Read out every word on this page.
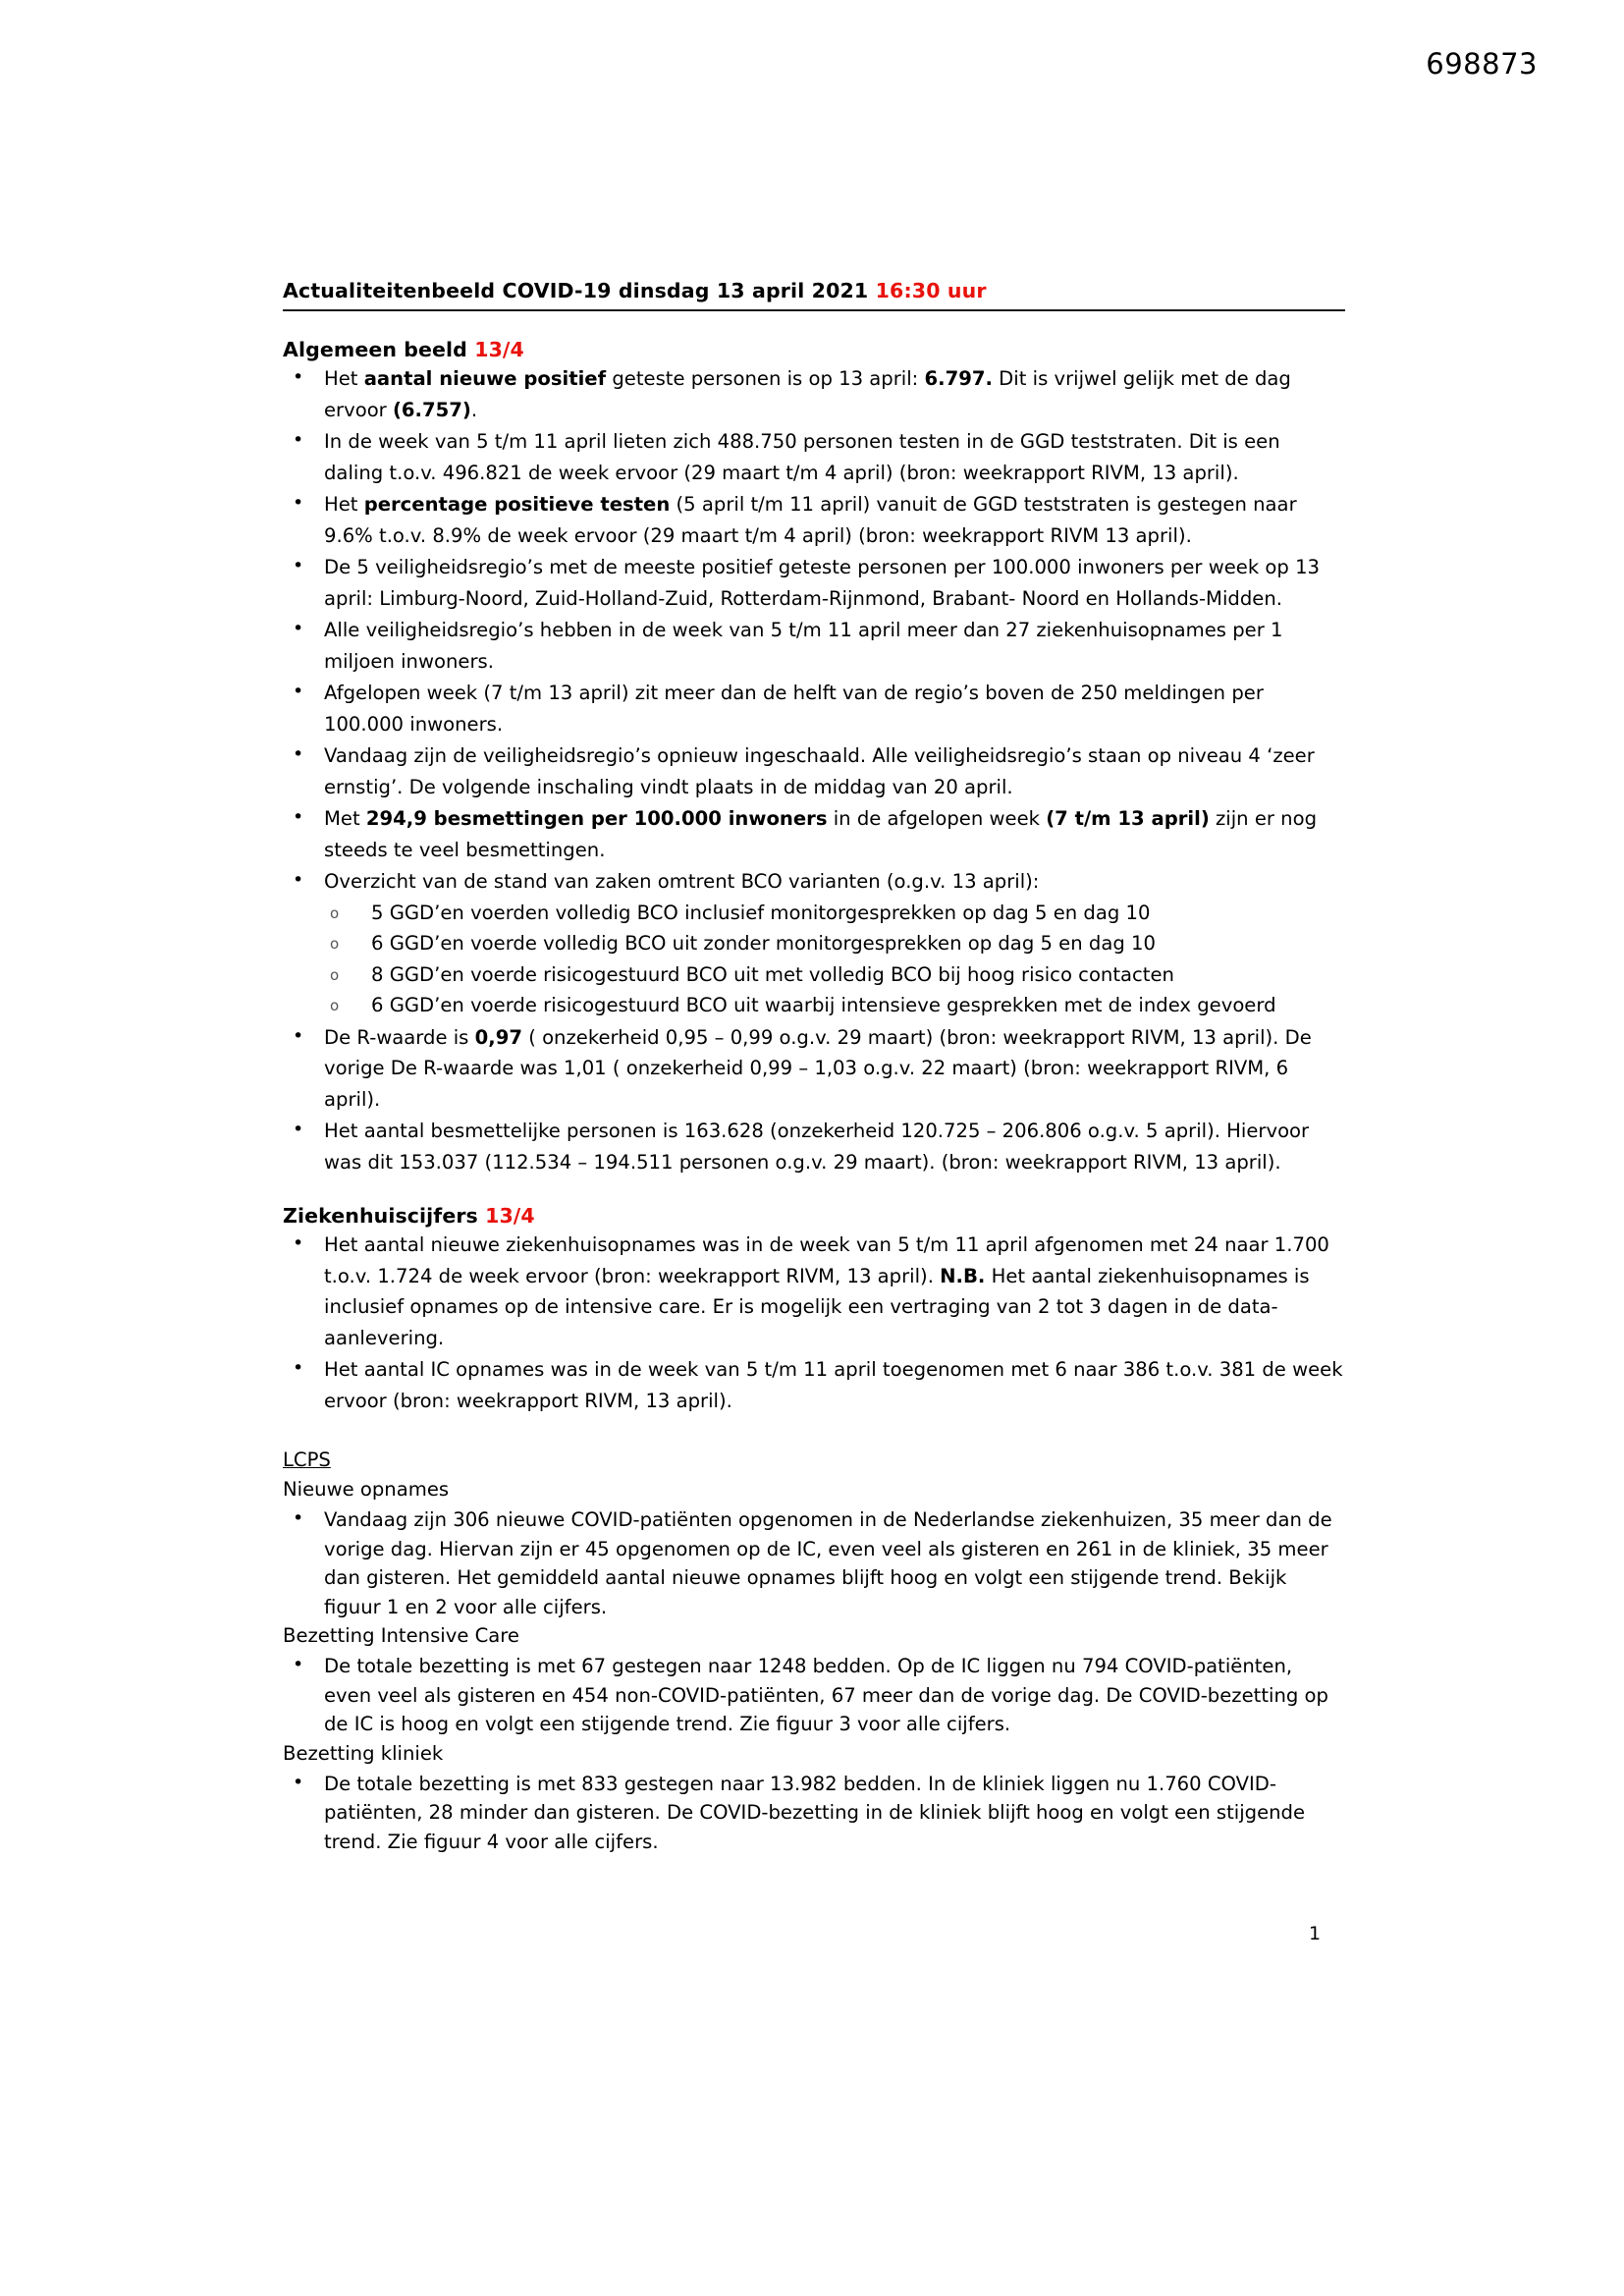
698873
Actualiteitenbeeld COVID-19 dinsdag 13 april 2021 16:30 uur
Algemeen beeld 13/4
• Het aantal nieuwe positief geteste personen is op 13 april: 6.797. Dit is vrijwel gelijk met de dag ervoor (6.757).
• In de week van 5 t/m 11 april lieten zich 488.750 personen testen in de GGD teststraten. Dit is een daling t.o.v. 496.821 de week ervoor (29 maart t/m 4 april) (bron: weekrapport RIVM, 13 april).
• Het percentage positieve testen (5 april t/m 11 april) vanuit de GGD teststraten is gestegen naar 9.6% t.o.v. 8.9% de week ervoor (29 maart t/m 4 april) (bron: weekrapport RIVM 13 april).
• De 5 veiligheidsregio’s met de meeste positief geteste personen per 100.000 inwoners per week op 13 april: Limburg-Noord, Zuid-Holland-Zuid, Rotterdam-Rijnmond, Brabant- Noord en Hollands-Midden.
• Alle veiligheidsregio’s hebben in de week van 5 t/m 11 april meer dan 27 ziekenhuisopnames per 1 miljoen inwoners.
• Afgelopen week (7 t/m 13 april) zit meer dan de helft van de regio’s boven de 250 meldingen per 100.000 inwoners.
• Vandaag zijn de veiligheidsregio’s opnieuw ingeschaald. Alle veiligheidsregio’s staan op niveau 4 ‘zeer ernstig’. De volgende inschaling vindt plaats in de middag van 20 april.
• Met 294,9 besmettingen per 100.000 inwoners in de afgelopen week (7 t/m 13 april) zijn er nog steeds te veel besmettingen.
• Overzicht van de stand van zaken omtrent BCO varianten (o.g.v. 13 april):
o 5 GGD’en voerden volledig BCO inclusief monitorgesprekken op dag 5 en dag 10
o 6 GGD’en voerde volledig BCO uit zonder monitorgesprekken op dag 5 en dag 10
o 8 GGD’en voerde risicogestuurd BCO uit met volledig BCO bij hoog risico contacten
o 6 GGD’en voerde risicogestuurd BCO uit waarbij intensieve gesprekken met de index gevoerd
• De R-waarde is 0,97 ( onzekerheid 0,95 – 0,99 o.g.v. 29 maart) (bron: weekrapport RIVM, 13 april). De vorige De R-waarde was 1,01 ( onzekerheid 0,99 – 1,03 o.g.v. 22 maart) (bron: weekrapport RIVM, 6 april).
• Het aantal besmettelijke personen is 163.628 (onzekerheid 120.725 – 206.806 o.g.v. 5 april). Hiervoor was dit 153.037 (112.534 – 194.511 personen o.g.v. 29 maart). (bron: weekrapport RIVM, 13 april).
Ziekenhuiscijfers 13/4
• Het aantal nieuwe ziekenhuisopnames was in de week van 5 t/m 11 april afgenomen met 24 naar 1.700 t.o.v. 1.724 de week ervoor (bron: weekrapport RIVM, 13 april). N.B. Het aantal ziekenhuisopnames is inclusief opnames op de intensive care. Er is mogelijk een vertraging van 2 tot 3 dagen in de data-aanlevering.
• Het aantal IC opnames was in de week van 5 t/m 11 april toegenomen met 6 naar 386 t.o.v. 381 de week ervoor (bron: weekrapport RIVM, 13 april).
LCPS
Nieuwe opnames
• Vandaag zijn 306 nieuwe COVID-patiënten opgenomen in de Nederlandse ziekenhuizen, 35 meer dan de vorige dag. Hiervan zijn er 45 opgenomen op de IC, even veel als gisteren en 261 in de kliniek, 35 meer dan gisteren. Het gemiddeld aantal nieuwe opnames blijft hoog en volgt een stijgende trend. Bekijk figuur 1 en 2 voor alle cijfers.
Bezetting Intensive Care
• De totale bezetting is met 67 gestegen naar 1248 bedden. Op de IC liggen nu 794 COVID-patiënten, even veel als gisteren en 454 non-COVID-patiënten, 67 meer dan de vorige dag. De COVID-bezetting op de IC is hoog en volgt een stijgende trend. Zie figuur 3 voor alle cijfers.
Bezetting kliniek
• De totale bezetting is met 833 gestegen naar 13.982 bedden. In de kliniek liggen nu 1.760 COVID-patiënten, 28 minder dan gisteren. De COVID-bezetting in de kliniek blijft hoog en volgt een stijgende trend. Zie figuur 4 voor alle cijfers.
1
